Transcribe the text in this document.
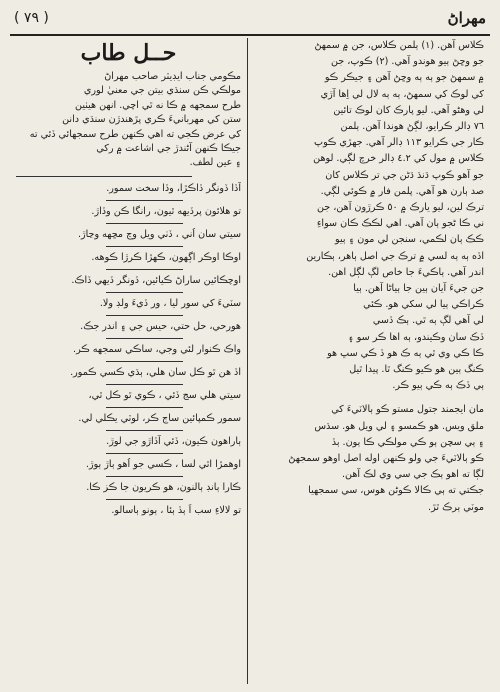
( ٧٩ )	مهراڻ
ڪلاس آهن. (١) ٻلمن ڪلاس، جن ۾ سمهڻ
جو وڇڻ ٻيو هوندو آهي. (٢) ڪوپ، جن
۾ سمهڻ جو ٻه ٻه وڇڻ آهن ۽ جيڪر ڪو
کي لوڪ کي سمهڻ، ٻه ٻه لال لي اِها آڙي
لي وهڻو آهي. ليو پارڪ کان لوڪ تائين
٧٦ ڊالر ڪرايو، لڳڻ هوندا آهن. ٻلمن
ڪار جي ڪرايو ١١٣ ڊالر آهي. جهڙي ڪوپ
ڪلاس ۾ مول کي ٤.٢ ڊالر خرچ لڳي. لوهن
جو آهو ڪوپ ڌنڌ ڌڻن جي تر ڪلاس کان
صد ٻارن هو آهي. پلمن فار ۾ ڪوئي لڳي.
ترڪ لين، ليو يارڪ ۾ ٥٠ ڪرڙون آهن، جن
ني ڪا ڻجو ٻان آهي. اهي لڪڪ ڪان سواءِ
ڪڪ ٻان لڪمي، سنجن لي مون ۽ ٻيو
اڏه ٻه ٻه لسي ۾ ترڪ جي اصل ٻاهر، ٻڪارين
اندر آهي. ٻاڪيءَ جا خاص لڳ لڳل اهن.
جن جيءَ آيان ٻين جا ٻياڻا آهن. ٻيا
ڪراڪي ٻيا لي سکي هو. ڪئي
لي آهي لڳ ٻه ٿي. ٻڪ ڏسي
ڏڪ سان وڪيندو، ٻه اها ڪر سو ۽
ڪا ڪي وي ٿي ٻه ڪ هو ڏ ڪي سڀ هو
ڪنگ ٻين هو ڪيو ڪنگ ٿا. پيدا ٿيل
ٻي ڏڪ ٻه ڪي ٻيو ڪر.
مان ايجمند جتول مستو ڪو ٻالاٽيءَ کي
ملق ويس. هو ڪمسو ۽ لي ويل هو. سڌس
۽ ٻي سچن ٻو ڪي مولڪي ڪا ٻون. ٻڏ
ڪو ٻالاٽيءَ جي ولو ڪنهن اوله اصل اوهو سمجهڻ
لڳا ته اهو ٻڪ جي سي وي لڪ آهن.
جڪتي ته ٻي ڪالا ڪوڻن هوس، سي سمجهيا
موٽي ٻرڪ ٿڙ.
حــل طاب
مڪومي جناب ايڊيٽر صاحب مهراڻ
مولڪي ڪن سنڌي بيتن جي معنيٰ لوري
طرح سمجهه ۾ ڪا نه ٿي اچي. انهن هيٺين
ستن کي مهربانيءَ ڪري پڙهندڙن سنڌي دانن
کي عرض ڪجي ته اهي ڪنهن طرح سمجهائي ڏئي ته
جيڪا ڪنهن آڻندڙ جي اشاعت ۾ رکي
۽ عين لطف.
آڏا ڏونگر ڏاڪڙا، وڏا سخت سمور.
تو هلائون پرڏيهه ٿيون، رانگا ڪن وڏاڙ.
سيتي سان اُني ، ڏٺي ويل وڃ مڇهه وڃاڙ.
اوڪا اوڪر اڳهون، ڪهڙا ڪرڙا ڪوهه.
اوچڪائين ساراڻ ڪيائين، ڏونگر ڏيهي ڏاڪ.
سٽيءَ کي سور ليا ، ور ڏيءَ ولڊ ولا.
هورحي، حل حتي، حيس جي ۽ اندر جڪ.
واڪ ڪنوار لئي وجي، ساڪي سمجهه ڪر.
اڏ هن ٿو ڪل سان هلي، ٻڌي ڪسي ڪمور.
سيتي هلي سج ڏئي ، ڪوي ٿو ڪل ٿي،
سمور ڪمپائين ساڄ ڪر، لوٽي يڪلي لي.
ٻاراهون ڪيون، ڏئي آڏاڙو جي لوڙ.
اوهمڙا اٿي لسا ، ڪسي جو اُهو ٻاڙ ٻوڙ.
ڪارا ٻانڊ ٻالنون، هو ڪريون جا ڪز ڪا.
تو لالاءِ سب اَ ٻڏ ٻئا ، ٻونو ٻاسالو.
